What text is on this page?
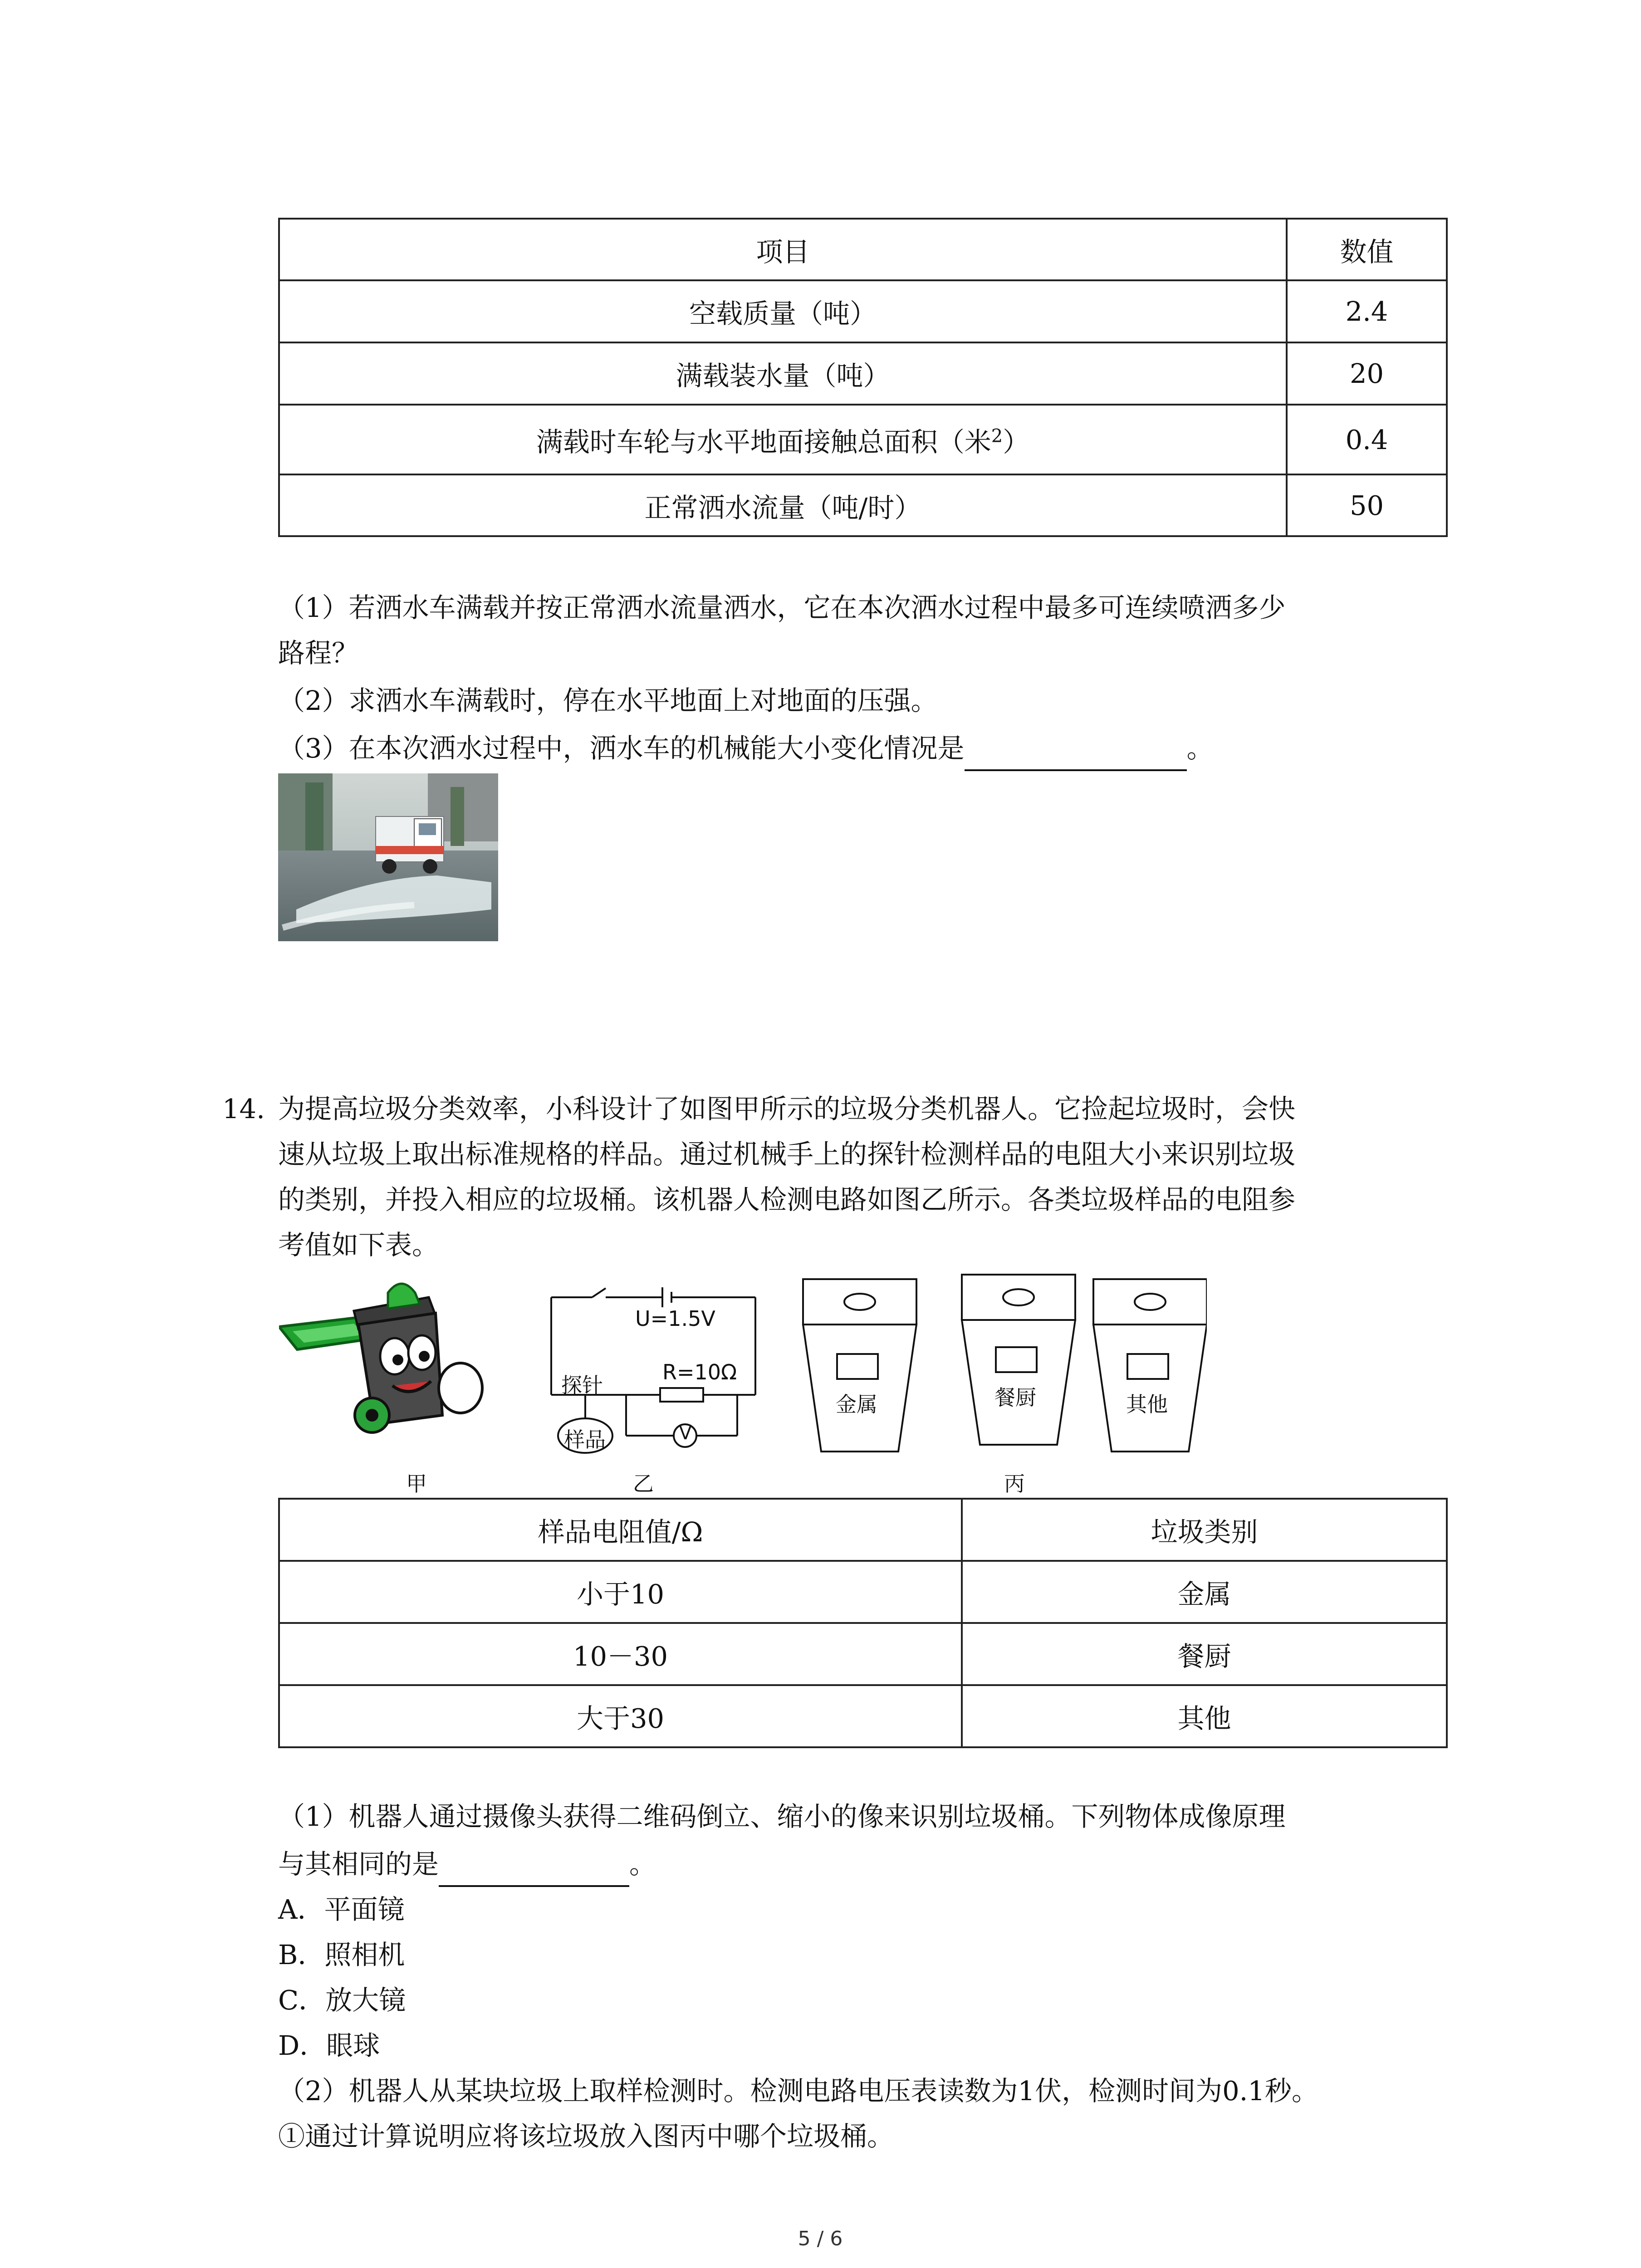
项目	数值
空载质量（吨）	2.4
满载装水量（吨）	20
满载时车轮与水平地面接触总面积（米$^2$）	0.4
正常洒水流量（吨/时）	50
（1）若洒水车满载并按正常洒水流量洒水，它在本次洒水过程中最多可连续喷洒多少
路程？
（2）求洒水车满载时，停在水平地面上对地面的压强。
（3）在本次洒水过程中，洒水车的机械能大小变化情况是	。
14. 为提高垃圾分类效率，小科设计了如图甲所示的垃圾分类机器人。它捡起垃圾时，会快
速从垃圾上取出标准规格的样品。通过机械手上的探针检测样品的电阻大小来识别垃圾
的类别，并投入相应的垃圾桶。该机器人检测电路如图乙所示。各类垃圾样品的电阻参
考值如下表。
U=1.5V
R=10Ω
探针
样品	V
金属	餐厨	其他
甲	乙	丙
样品电阻值/Ω	垃圾类别
小于10	金属
10－30	餐厨
大于30	其他
（1）机器人通过摄像头获得二维码倒立、缩小的像来识别垃圾桶。下列物体成像原理
与其相同的是	。
A．平面镜
B．照相机
C．放大镜
D．眼球
（2）机器人从某块垃圾上取样检测时。检测电路电压表读数为1伏，检测时间为0.1秒。
①通过计算说明应将该垃圾放入图丙中哪个垃圾桶。
5 / 6
